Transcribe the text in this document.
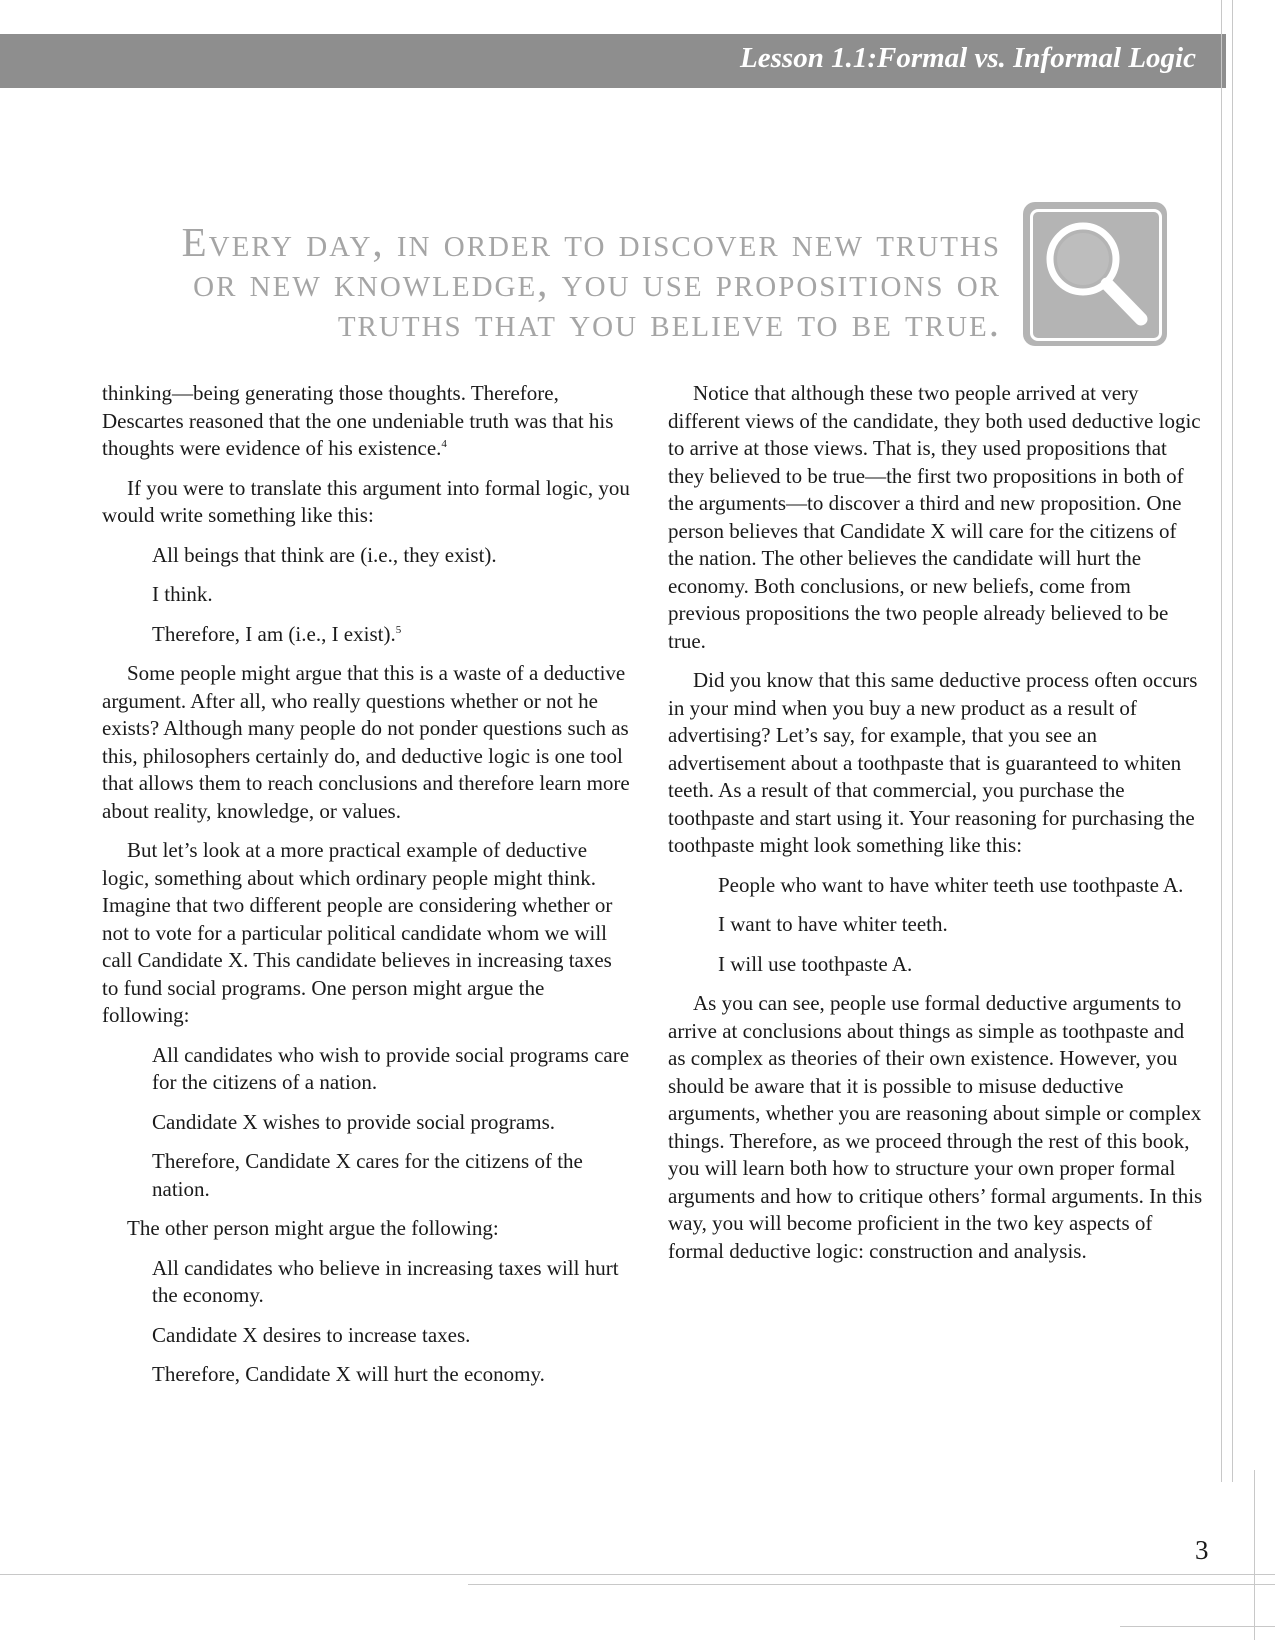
Lesson 1.1:Formal vs. Informal Logic
Every day, in order to discover new truths
or new knowledge, you use propositions or
truths that you believe to be true.

thinking—being generating those thoughts. Therefore, Descartes reasoned that the one undeniable truth was that his thoughts were evidence of his existence.$^4$

If you were to translate this argument into formal logic, you would write something like this:

All beings that think are (i.e., they exist).

I think.

Therefore, I am (i.e., I exist).$^5$

Some people might argue that this is a waste of a deductive argument. After all, who really questions whether or not he exists? Although many people do not ponder questions such as this, philosophers certainly do, and deductive logic is one tool that allows them to reach conclusions and therefore learn more about reality, knowledge, or values.

But let’s look at a more practical example of deductive logic, something about which ordinary people might think. Imagine that two different people are considering whether or not to vote for a particular political candidate whom we will call Candidate X. This candidate believes in increasing taxes to fund social programs. One person might argue the following:

All candidates who wish to provide social programs care for the citizens of a nation.

Candidate X wishes to provide social programs.

Therefore, Candidate X cares for the citizens of the nation.

The other person might argue the following:

All candidates who believe in increasing taxes will hurt the economy.

Candidate X desires to increase taxes.

Therefore, Candidate X will hurt the economy.

Notice that although these two people arrived at very different views of the candidate, they both used deductive logic to arrive at those views. That is, they used propositions that they believed to be true—the first two propositions in both of the arguments—to discover a third and new proposition. One person believes that Candidate X will care for the citizens of the nation. The other believes the candidate will hurt the economy. Both conclusions, or new beliefs, come from previous propositions the two people already believed to be true.

Did you know that this same deductive process often occurs in your mind when you buy a new product as a result of advertising? Let’s say, for example, that you see an advertisement about a toothpaste that is guaranteed to whiten teeth. As a result of that commercial, you purchase the toothpaste and start using it. Your reasoning for purchasing the toothpaste might look something like this:

People who want to have whiter teeth use toothpaste A.

I want to have whiter teeth.

I will use toothpaste A.

As you can see, people use formal deductive arguments to arrive at conclusions about things as simple as toothpaste and as complex as theories of their own existence. However, you should be aware that it is possible to misuse deductive arguments, whether you are reasoning about simple or complex things. Therefore, as we proceed through the rest of this book, you will learn both how to structure your own proper formal arguments and how to critique others’ formal arguments. In this way, you will become proficient in the two key aspects of formal deductive logic: construction and analysis.

3
